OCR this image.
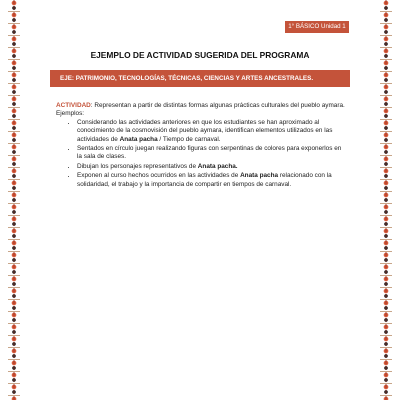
1° BÁSICO Unidad 1
EJEMPLO DE ACTIVIDAD SUGERIDA DEL PROGRAMA
EJE: PATRIMONIO, TECNOLOGÍAS, TÉCNICAS, CIENCIAS Y ARTES ANCESTRALES.

ACTIVIDAD: Representan a partir de distintas formas algunas prácticas culturales del pueblo aymara.

Ejemplos:

• Considerando las actividades anteriores en que los estudiantes se han aproximado al conocimiento de la cosmovisión del pueblo aymara, identifican elementos utilizados en las actividades de Anata pacha / Tiempo de carnaval.
• Sentados en círculo juegan realizando figuras con serpentinas de colores para exponerlos en la sala de clases.
• Dibujan los personajes representativos de Anata pacha.
• Exponen al curso hechos ocurridos en las actividades de Anata pacha relacionado con la solidaridad, el trabajo y la importancia de compartir en tiempos de carnaval.
